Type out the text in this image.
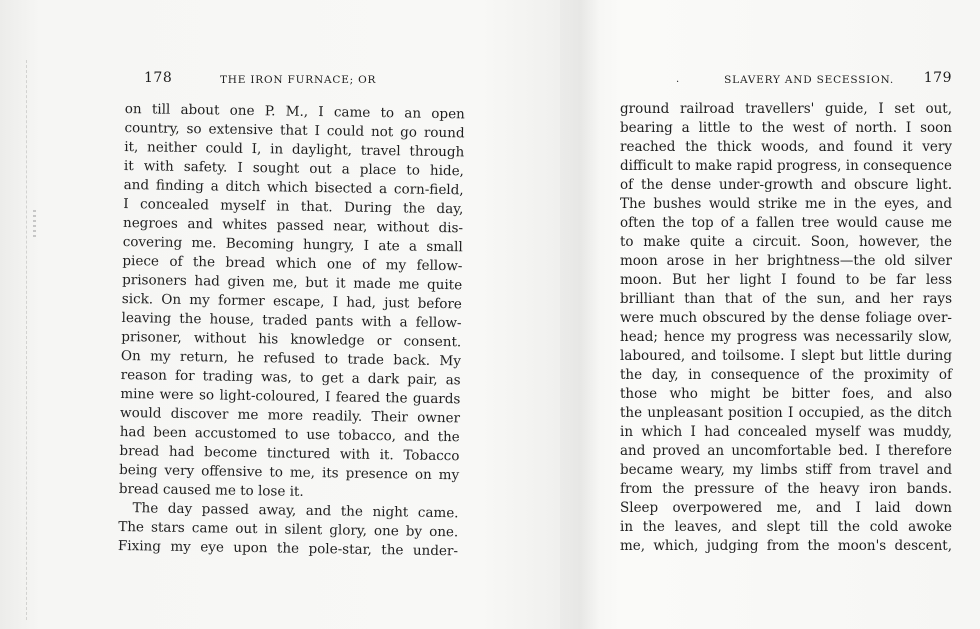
178	THE IRON FURNACE; OR
on till about one P. M., I came to an open
country, so extensive that I could not go round
it, neither could I, in daylight, travel through
it with safety. I sought out a place to hide,
and finding a ditch which bisected a corn-field,
I concealed myself in that. During the day,
negroes and whites passed near, without dis-
covering me. Becoming hungry, I ate a small
piece of the bread which one of my fellow-
prisoners had given me, but it made me quite
sick. On my former escape, I had, just before
leaving the house, traded pants with a fellow-
prisoner, without his knowledge or consent.
On my return, he refused to trade back. My
reason for trading was, to get a dark pair, as
mine were so light-coloured, I feared the guards
would discover me more readily. Their owner
had been accustomed to use tobacco, and the
bread had become tinctured with it. Tobacco
being very offensive to me, its presence on my
bread caused me to lose it.
The day passed away, and the night came.
The stars came out in silent glory, one by one.
Fixing my eye upon the pole-star, the under-
.	SLAVERY AND SECESSION. 179
ground railroad travellers' guide, I set out,
bearing a little to the west of north. I soon
reached the thick woods, and found it very
difficult to make rapid progress, in consequence
of the dense under-growth and obscure light.
The bushes would strike me in the eyes, and
often the top of a fallen tree would cause me
to make quite a circuit. Soon, however, the
moon arose in her brightness—the old silver
moon. But her light I found to be far less
brilliant than that of the sun, and her rays
were much obscured by the dense foliage over-
head; hence my progress was necessarily slow,
laboured, and toilsome. I slept but little during
the day, in consequence of the proximity of
those who might be bitter foes, and also
the unpleasant position I occupied, as the ditch
in which I had concealed myself was muddy,
and proved an uncomfortable bed. I therefore
became weary, my limbs stiff from travel and
from the pressure of the heavy iron bands.
Sleep overpowered me, and I laid down
in the leaves, and slept till the cold awoke
me, which, judging from the moon's descent,
